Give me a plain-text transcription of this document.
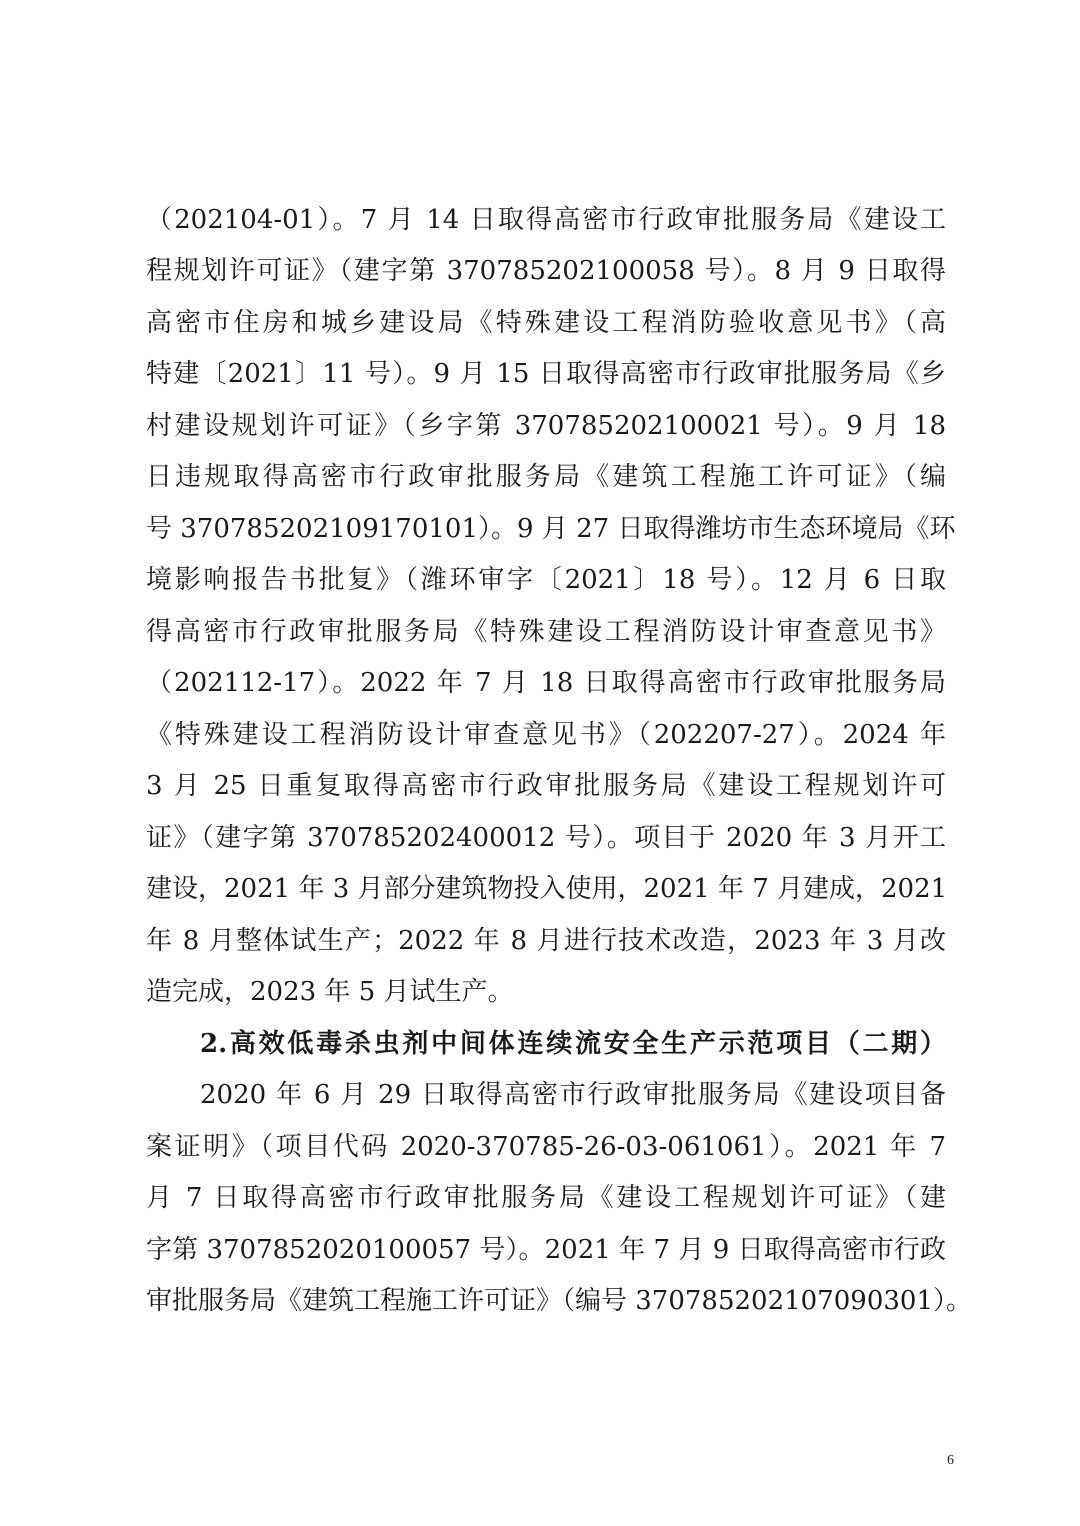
（202104-01）。7 月 14 日取得高密市行政审批服务局《建设工
程规划许可证》（建字第 370785202100058 号）。8 月 9 日取得
高密市住房和城乡建设局《特殊建设工程消防验收意见书》（高
特建〔2021〕11 号）。9 月 15 日取得高密市行政审批服务局《乡
村建设规划许可证》（乡字第 370785202100021 号）。9 月 18
日违规取得高密市行政审批服务局《建筑工程施工许可证》（编
号 370785202109170101）。9 月 27 日取得潍坊市生态环境局《环
境影响报告书批复》（潍环审字〔2021〕18 号）。12 月 6 日取
得高密市行政审批服务局《特殊建设工程消防设计审查意见书》
（202112-17）。2022 年 7 月 18 日取得高密市行政审批服务局
《特殊建设工程消防设计审查意见书》（202207-27）。2024 年
3 月 25 日重复取得高密市行政审批服务局《建设工程规划许可
证》（建字第 370785202400012 号）。项目于 2020 年 3 月开工
建设，2021 年 3 月部分建筑物投入使用，2021 年 7 月建成，2021
年 8 月整体试生产；2022 年 8 月进行技术改造，2023 年 3 月改
造完成，2023 年 5 月试生产。
2.高效低毒杀虫剂中间体连续流安全生产示范项目（二期）
2020 年 6 月 29 日取得高密市行政审批服务局《建设项目备
案证明》（项目代码 2020-370785-26-03-061061）。2021 年 7
月 7 日取得高密市行政审批服务局《建设工程规划许可证》（建
字第 3707852020100057 号）。2021 年 7 月 9 日取得高密市行政
审批服务局《建筑工程施工许可证》（编号 370785202107090301）。
6
